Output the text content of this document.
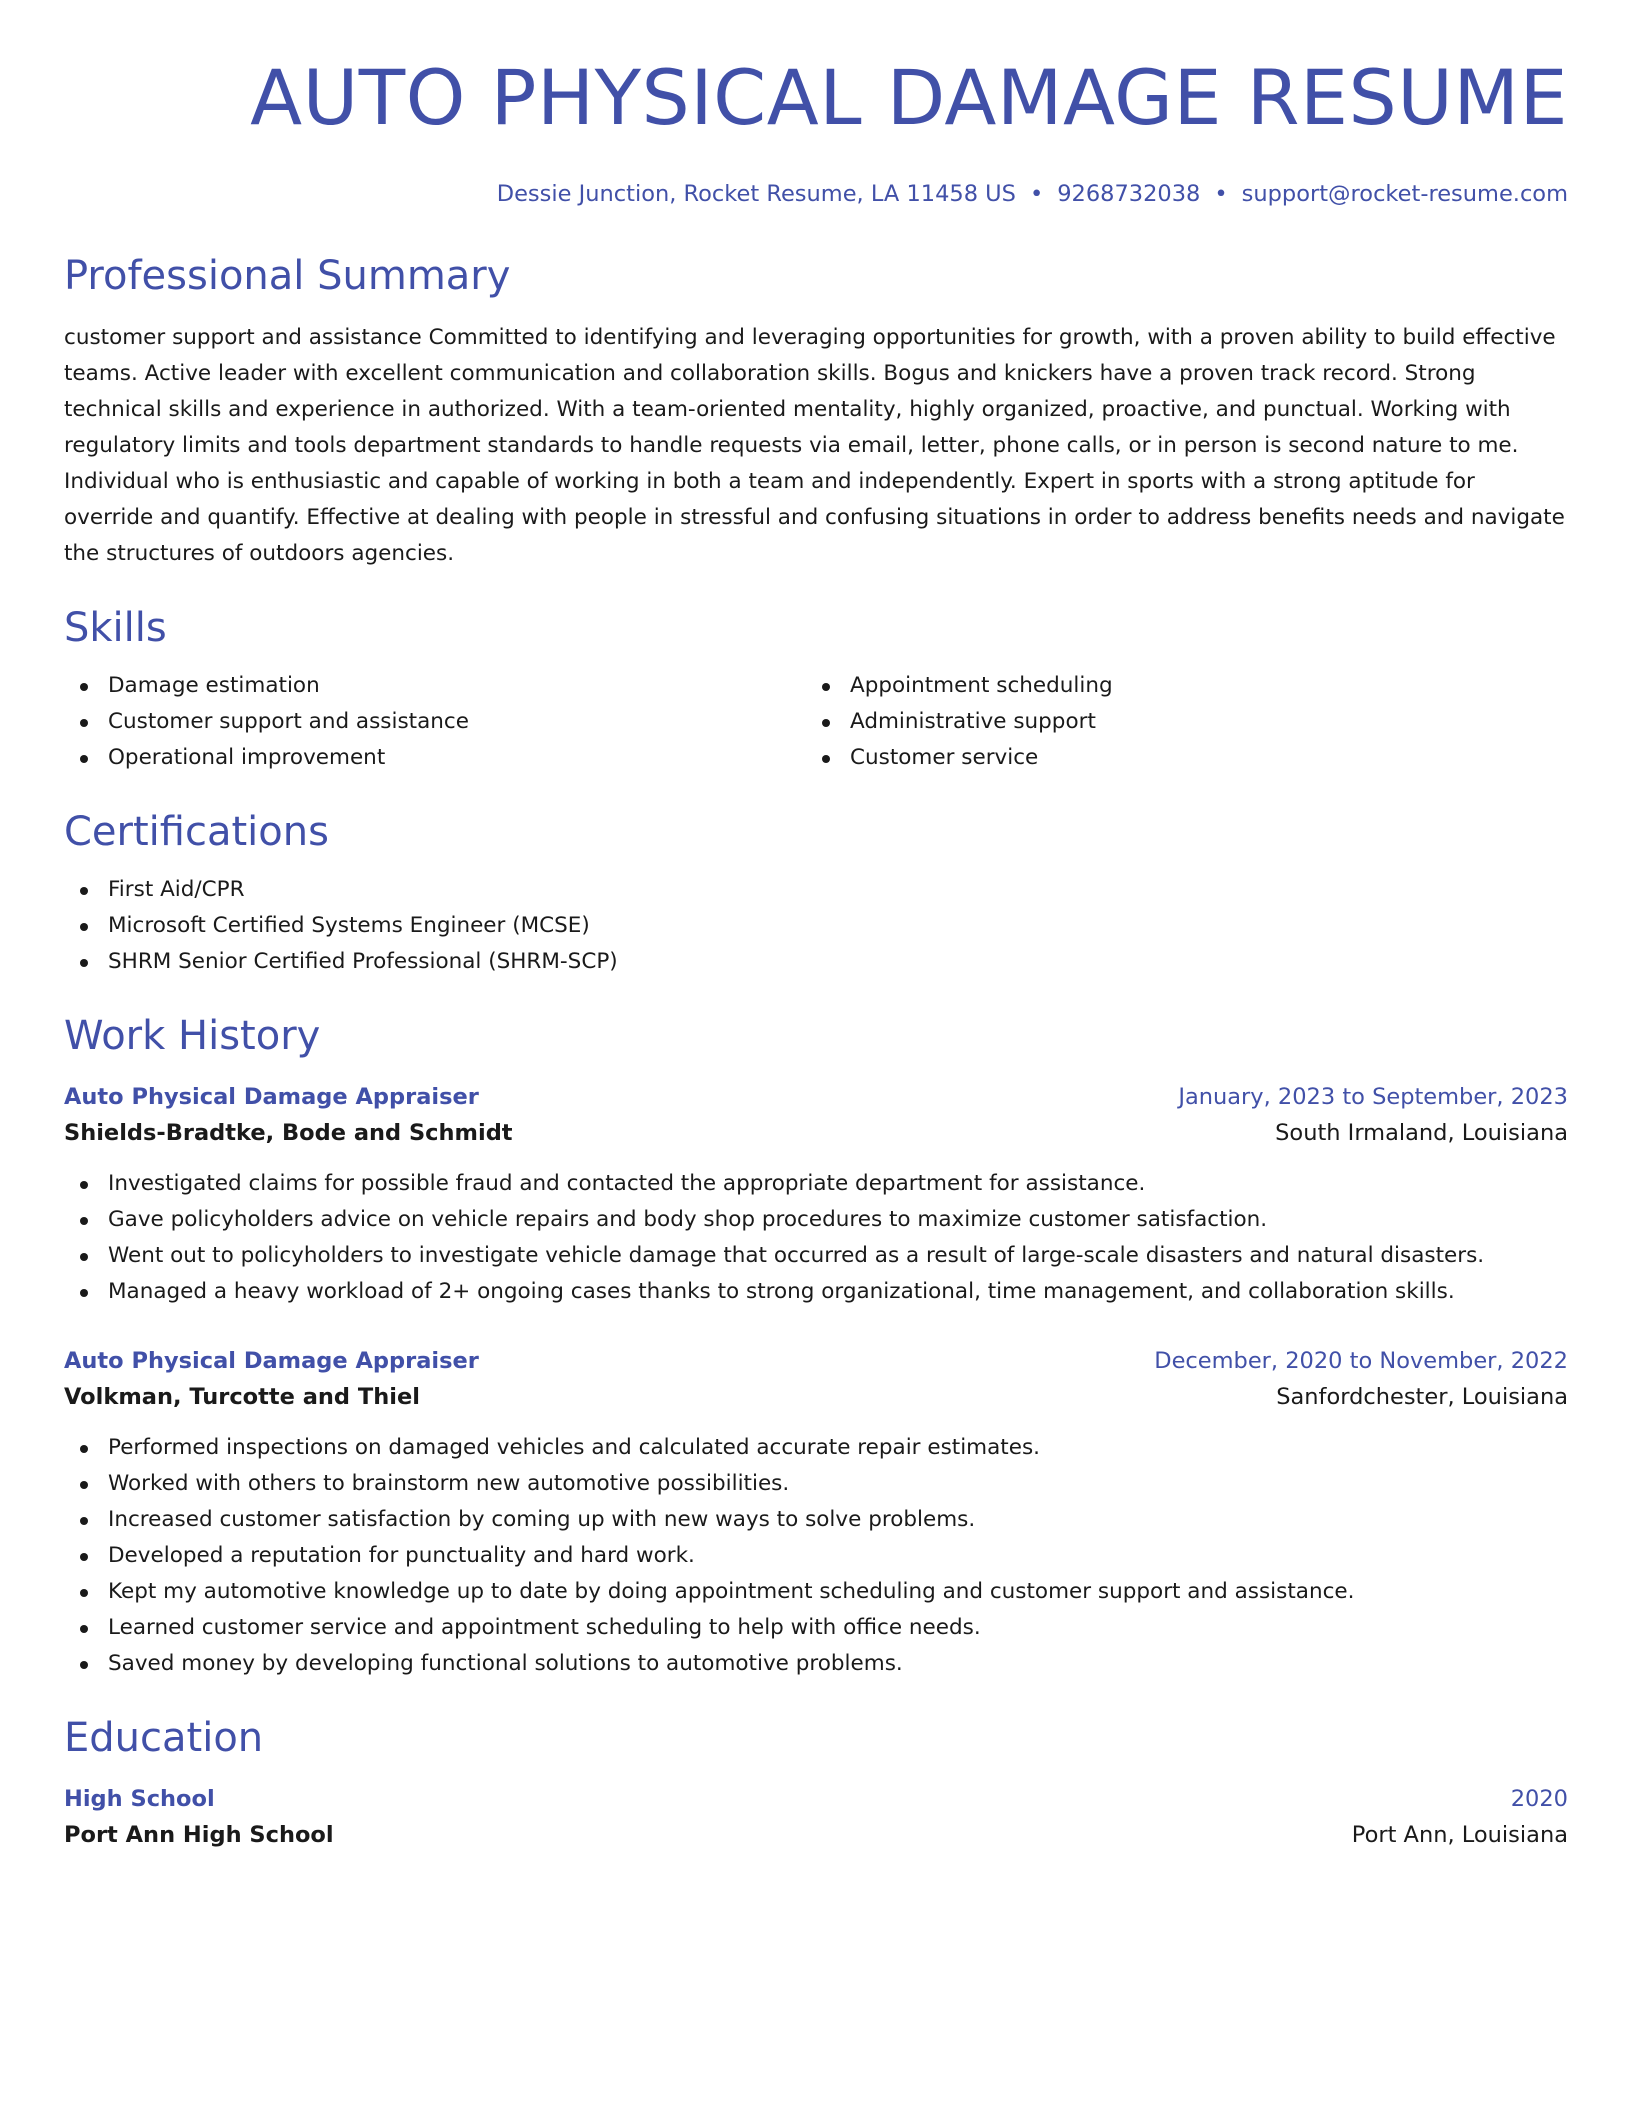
AUTO PHYSICAL DAMAGE RESUME
Dessie Junction, Rocket Resume, LA 11458 US • 9268732038 • support@rocket-resume.com
Professional Summary

customer support and assistance Committed to identifying and leveraging opportunities for growth, with a proven ability to build effective teams. Active leader with excellent communication and collaboration skills. Bogus and knickers have a proven track record. Strong technical skills and experience in authorized. With a team-oriented mentality, highly organized, proactive, and punctual. Working with regulatory limits and tools department standards to handle requests via email, letter, phone calls, or in person is second nature to me. Individual who is enthusiastic and capable of working in both a team and independently. Expert in sports with a strong aptitude for override and quantify. Effective at dealing with people in stressful and confusing situations in order to address benefits needs and navigate the structures of outdoors agencies.

Skills
Damage estimation
Customer support and assistance
Operational improvement
Appointment scheduling
Administrative support
Customer service
Certifications
First Aid/CPR
Microsoft Certified Systems Engineer (MCSE)
SHRM Senior Certified Professional (SHRM-SCP)
Work History
Auto Physical Damage Appraiser	January, 2023 to September, 2023
Shields-Bradtke, Bode and Schmidt	South Irmaland, Louisiana
Investigated claims for possible fraud and contacted the appropriate department for assistance.
Gave policyholders advice on vehicle repairs and body shop procedures to maximize customer satisfaction.
Went out to policyholders to investigate vehicle damage that occurred as a result of large-scale disasters and natural disasters.
Managed a heavy workload of 2+ ongoing cases thanks to strong organizational, time management, and collaboration skills.
Auto Physical Damage Appraiser	December, 2020 to November, 2022
Volkman, Turcotte and Thiel	Sanfordchester, Louisiana
Performed inspections on damaged vehicles and calculated accurate repair estimates.
Worked with others to brainstorm new automotive possibilities.
Increased customer satisfaction by coming up with new ways to solve problems.
Developed a reputation for punctuality and hard work.
Kept my automotive knowledge up to date by doing appointment scheduling and customer support and assistance.
Learned customer service and appointment scheduling to help with office needs.
Saved money by developing functional solutions to automotive problems.
Education
High School	2020
Port Ann High School	Port Ann, Louisiana
